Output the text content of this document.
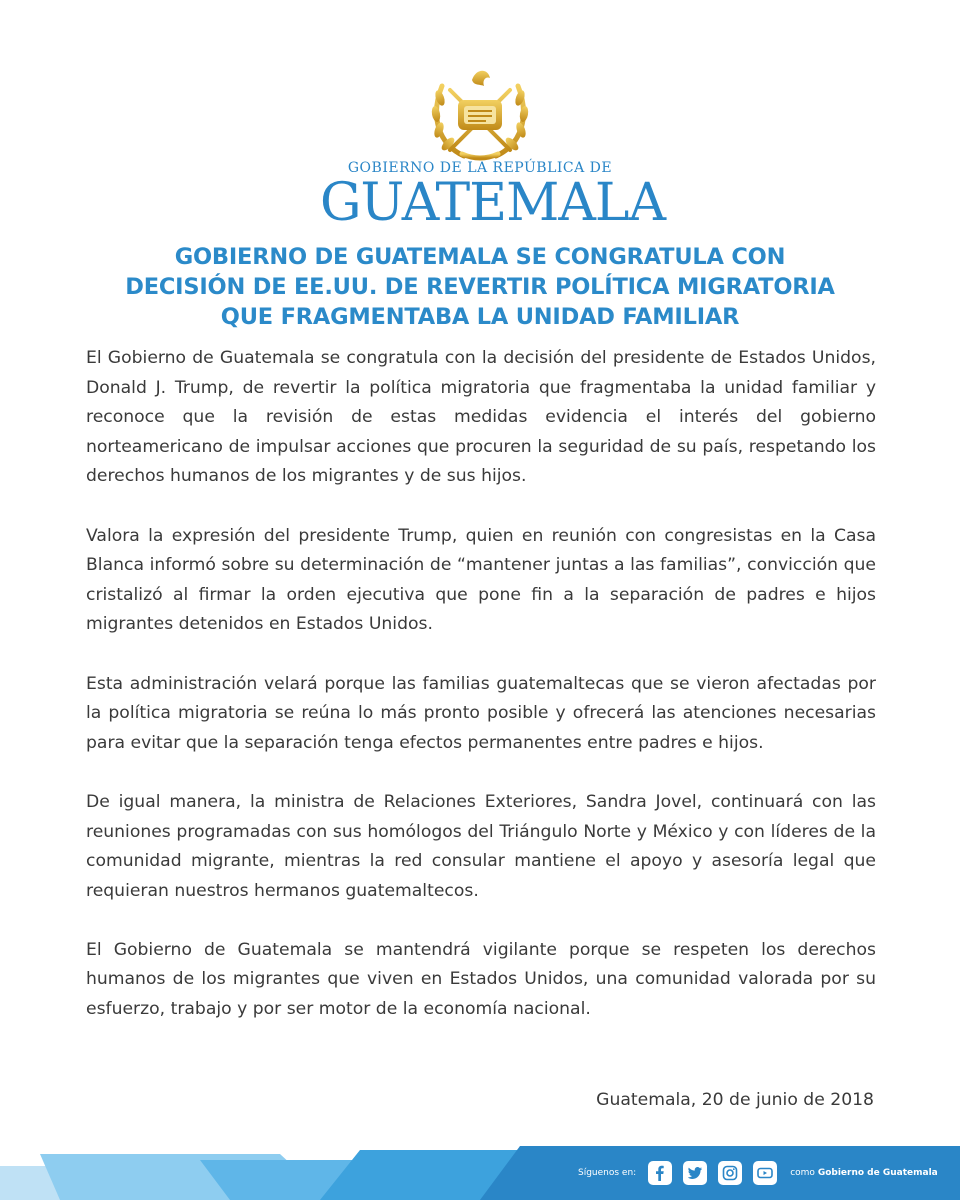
GOBIERNO DE LA REPÚBLICA DE
GUATEMALA
GOBIERNO DE GUATEMALA SE CONGRATULA CON
DECISIÓN DE EE.UU. DE REVERTIR POLÍTICA MIGRATORIA
QUE FRAGMENTABA LA UNIDAD FAMILIAR

El Gobierno de Guatemala se congratula con la decisión del presidente de Estados Unidos, Donald J. Trump, de revertir la política migratoria que fragmentaba la unidad familiar y reconoce que la revisión de estas medidas evidencia el interés del gobierno norteamericano de impulsar acciones que procuren la seguridad de su país, respetando los derechos humanos de los migrantes y de sus hijos.

Valora la expresión del presidente Trump, quien en reunión con congresistas en la Casa Blanca informó sobre su determinación de “mantener juntas a las familias”, convicción que cristalizó al firmar la orden ejecutiva que pone fin a la separación de padres e hijos migrantes detenidos en Estados Unidos.

Esta administración velará porque las familias guatemaltecas que se vieron afectadas por la política migratoria se reúna lo más pronto posible y ofrecerá las atenciones necesarias para evitar que la separación tenga efectos permanentes entre padres e hijos.

De igual manera, la ministra de Relaciones Exteriores, Sandra Jovel, continuará con las reuniones programadas con sus homólogos del Triángulo Norte y México y con líderes de la comunidad migrante, mientras la red consular mantiene el apoyo y asesoría legal que requieran nuestros hermanos guatemaltecos.

El Gobierno de Guatemala se mantendrá vigilante porque se respeten los derechos humanos de los migrantes que viven en Estados Unidos, una comunidad valorada por su esfuerzo, trabajo y por ser motor de la economía nacional.

Guatemala, 20 de junio de 2018
Síguenos en:	como Gobierno de Guatemala
